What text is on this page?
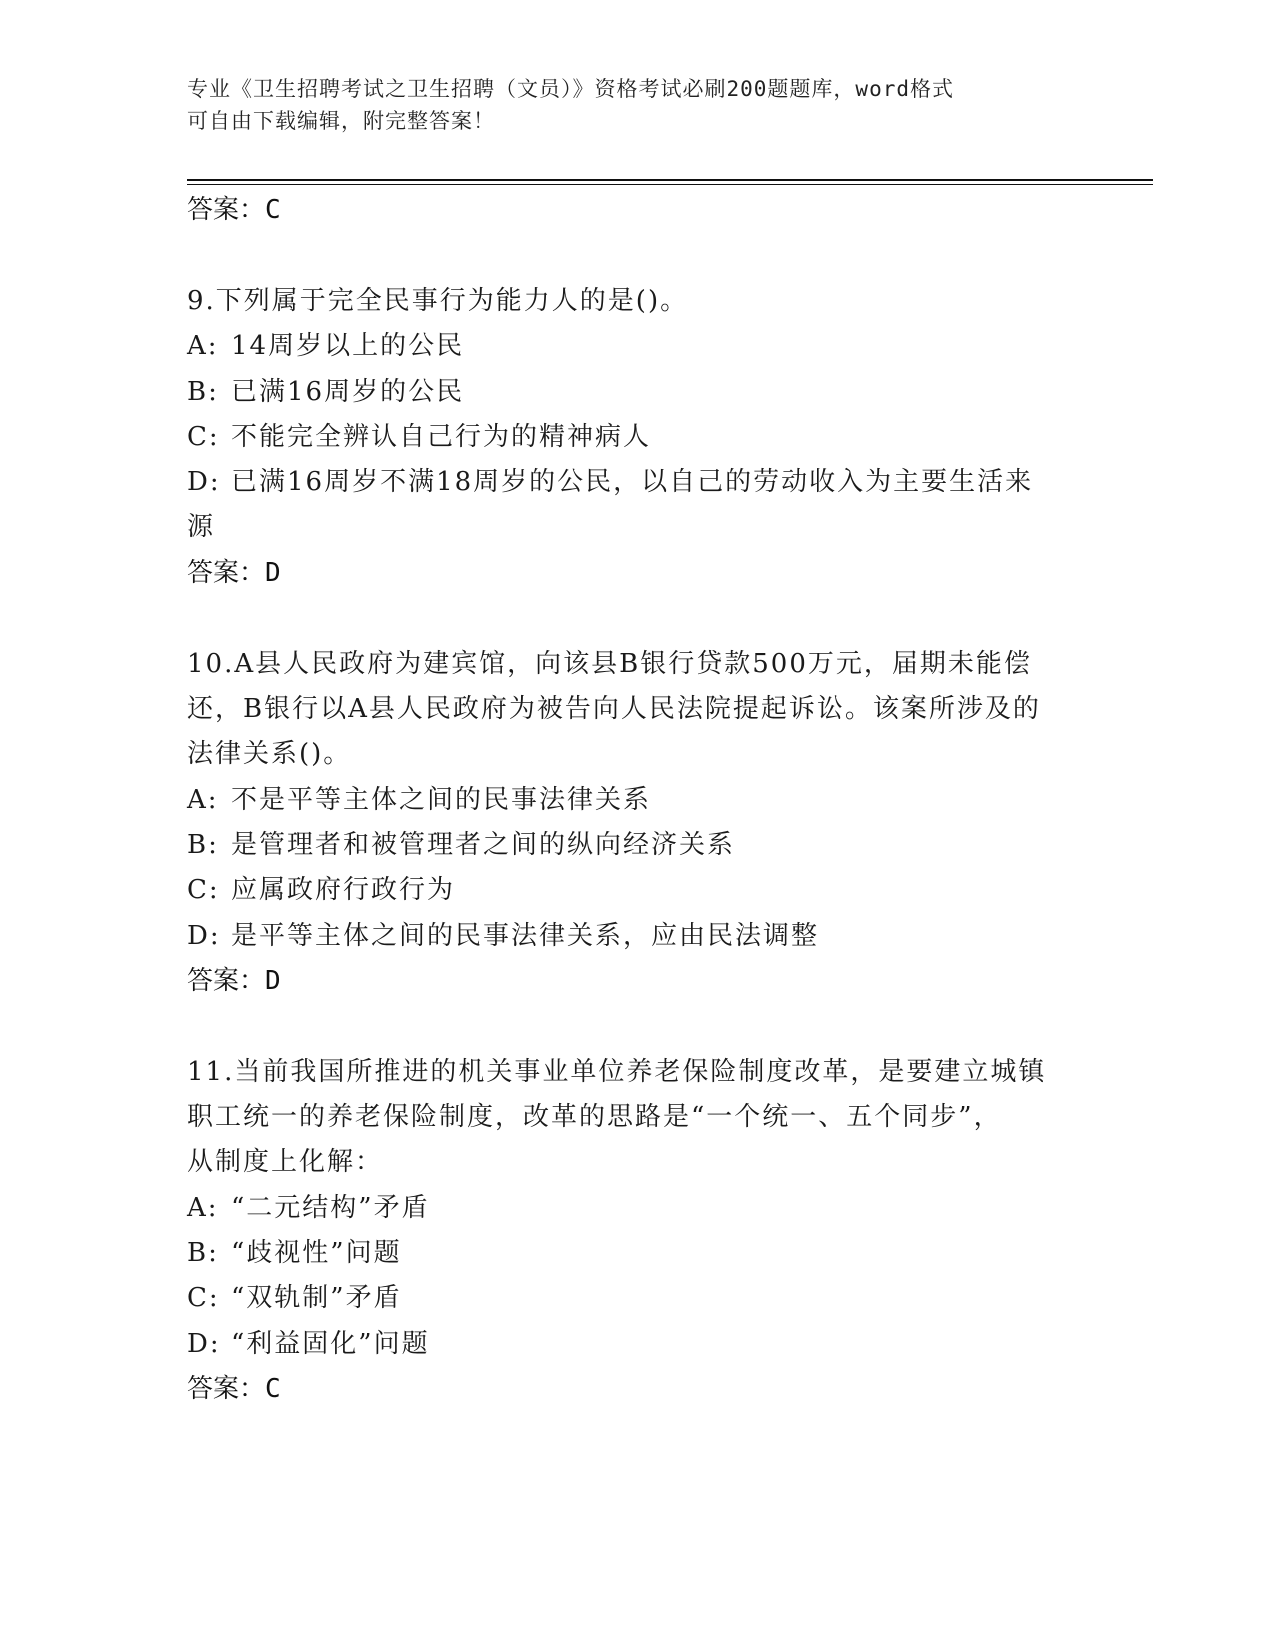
专业《卫生招聘考试之卫生招聘（文员）》资格考试必刷200题题库，word格式
可自由下载编辑，附完整答案！
答案：C
9.下列属于完全民事行为能力人的是()。
A: 14周岁以上的公民
B: 已满16周岁的公民
C: 不能完全辨认自己行为的精神病人
D: 已满16周岁不满18周岁的公民，以自己的劳动收入为主要生活来
源
答案：D
10.A县人民政府为建宾馆，向该县B银行贷款500万元，届期未能偿
还，B银行以A县人民政府为被告向人民法院提起诉讼。该案所涉及的
法律关系()。
A: 不是平等主体之间的民事法律关系
B: 是管理者和被管理者之间的纵向经济关系
C: 应属政府行政行为
D: 是平等主体之间的民事法律关系，应由民法调整
答案：D
11.当前我国所推进的机关事业单位养老保险制度改革，是要建立城镇
职工统一的养老保险制度，改革的思路是“一个统一、五个同步”，
从制度上化解：
A: “二元结构”矛盾
B: “歧视性”问题
C: “双轨制”矛盾
D: “利益固化”问题
答案：C
